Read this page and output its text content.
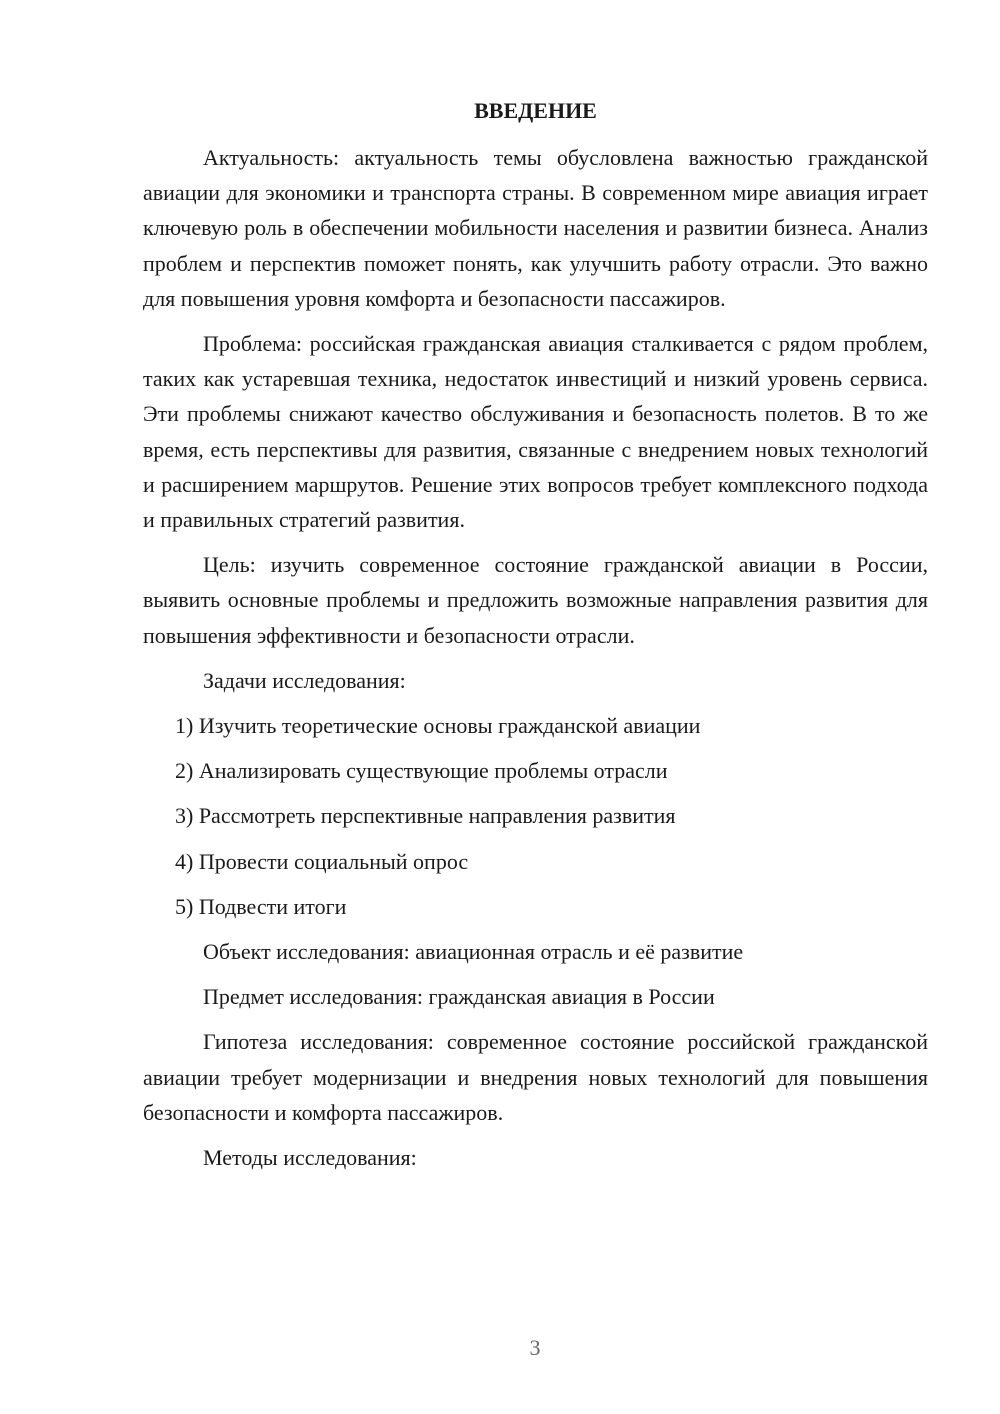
ВВЕДЕНИЕ

Актуальность: актуальность темы обусловлена важностью гражданской авиации для экономики и транспорта страны. В современном мире авиация играет ключевую роль в обеспечении мобильности населения и развитии бизнеса. Анализ проблем и перспектив поможет понять, как улучшить работу отрасли. Это важно для повышения уровня комфорта и безопасности пассажиров.

Проблема: российская гражданская авиация сталкивается с рядом проблем, таких как устаревшая техника, недостаток инвестиций и низкий уровень сервиса. Эти проблемы снижают качество обслуживания и безопасность полетов. В то же время, есть перспективы для развития, связанные с внедрением новых технологий и расширением маршрутов. Решение этих вопросов требует комплексного подхода и правильных стратегий развития.

Цель: изучить современное состояние гражданской авиации в России, выявить основные проблемы и предложить возможные направления развития для повышения эффективности и безопасности отрасли.

Задачи исследования:

1) Изучить теоретические основы гражданской авиации
2) Анализировать существующие проблемы отрасли
3) Рассмотреть перспективные направления развития
4) Провести социальный опрос
5) Подвести итоги

Объект исследования: авиационная отрасль и её развитие

Предмет исследования: гражданская авиация в России

Гипотеза исследования: современное состояние российской гражданской авиации требует модернизации и внедрения новых технологий для повышения безопасности и комфорта пассажиров.

Методы исследования:

3
